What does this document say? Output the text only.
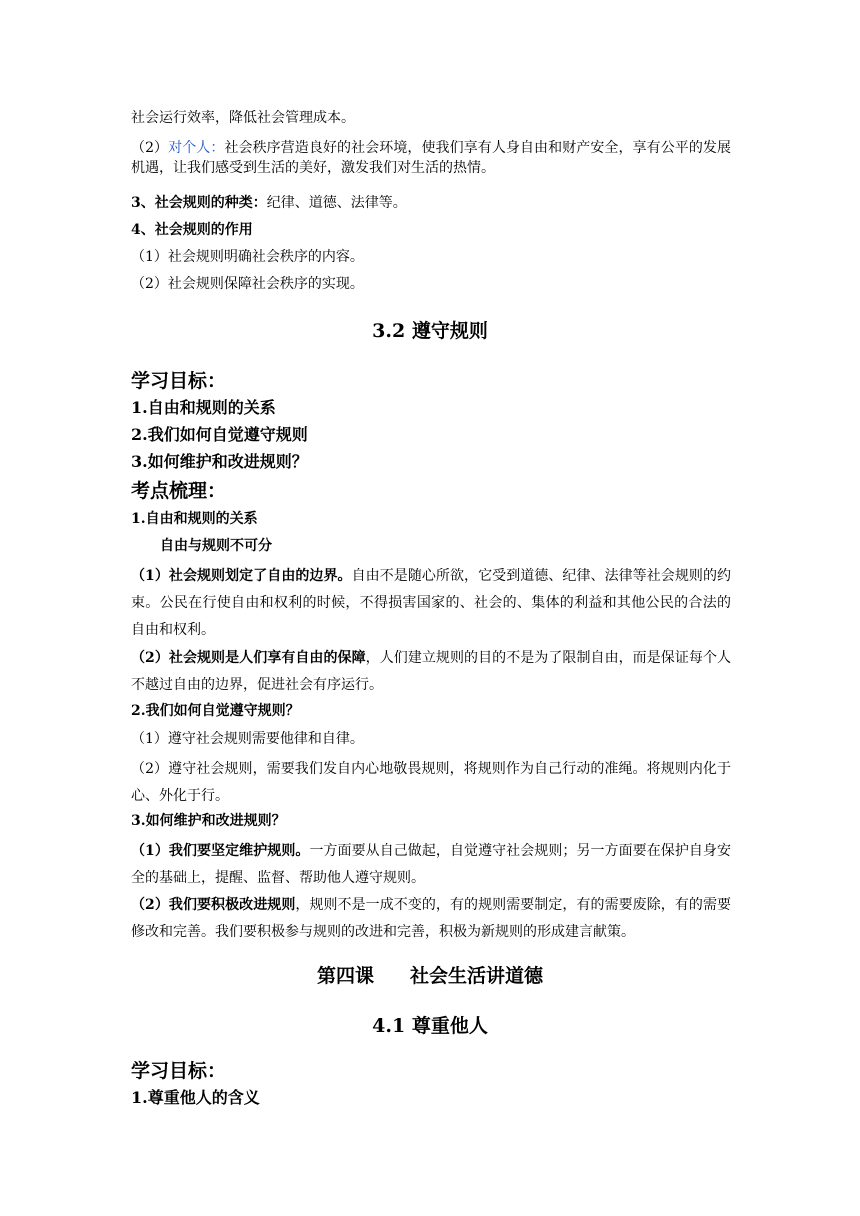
社会运行效率，降低社会管理成本。
（2）对个人：社会秩序营造良好的社会环境，使我们享有人身自由和财产安全，享有公平的发展机遇，让我们感受到生活的美好，激发我们对生活的热情。
3、社会规则的种类：纪律、道德、法律等。
4、社会规则的作用
（1）社会规则明确社会秩序的内容。
（2）社会规则保障社会秩序的实现。
3.2 遵守规则
学习目标：
1.自由和规则的关系
2.我们如何自觉遵守规则
3.如何维护和改进规则？
考点梳理：
1.自由和规则的关系
自由与规则不可分
（1）社会规则划定了自由的边界。自由不是随心所欲，它受到道德、纪律、法律等社会规则的约束。公民在行使自由和权利的时候，不得损害国家的、社会的、集体的利益和其他公民的合法的自由和权利。
（2）社会规则是人们享有自由的保障，人们建立规则的目的不是为了限制自由，而是保证每个人不越过自由的边界，促进社会有序运行。
2.我们如何自觉遵守规则？
（1）遵守社会规则需要他律和自律。
（2）遵守社会规则，需要我们发自内心地敬畏规则，将规则作为自己行动的准绳。将规则内化于心、外化于行。
3.如何维护和改进规则？
（1）我们要坚定维护规则。一方面要从自己做起，自觉遵守社会规则；另一方面要在保护自身安全的基础上，提醒、监督、帮助他人遵守规则。
（2）我们要积极改进规则，规则不是一成不变的，有的规则需要制定，有的需要废除，有的需要修改和完善。我们要积极参与规则的改进和完善，积极为新规则的形成建言献策。
第四课 社会生活讲道德
4.1 尊重他人
学习目标：
1.尊重他人的含义
